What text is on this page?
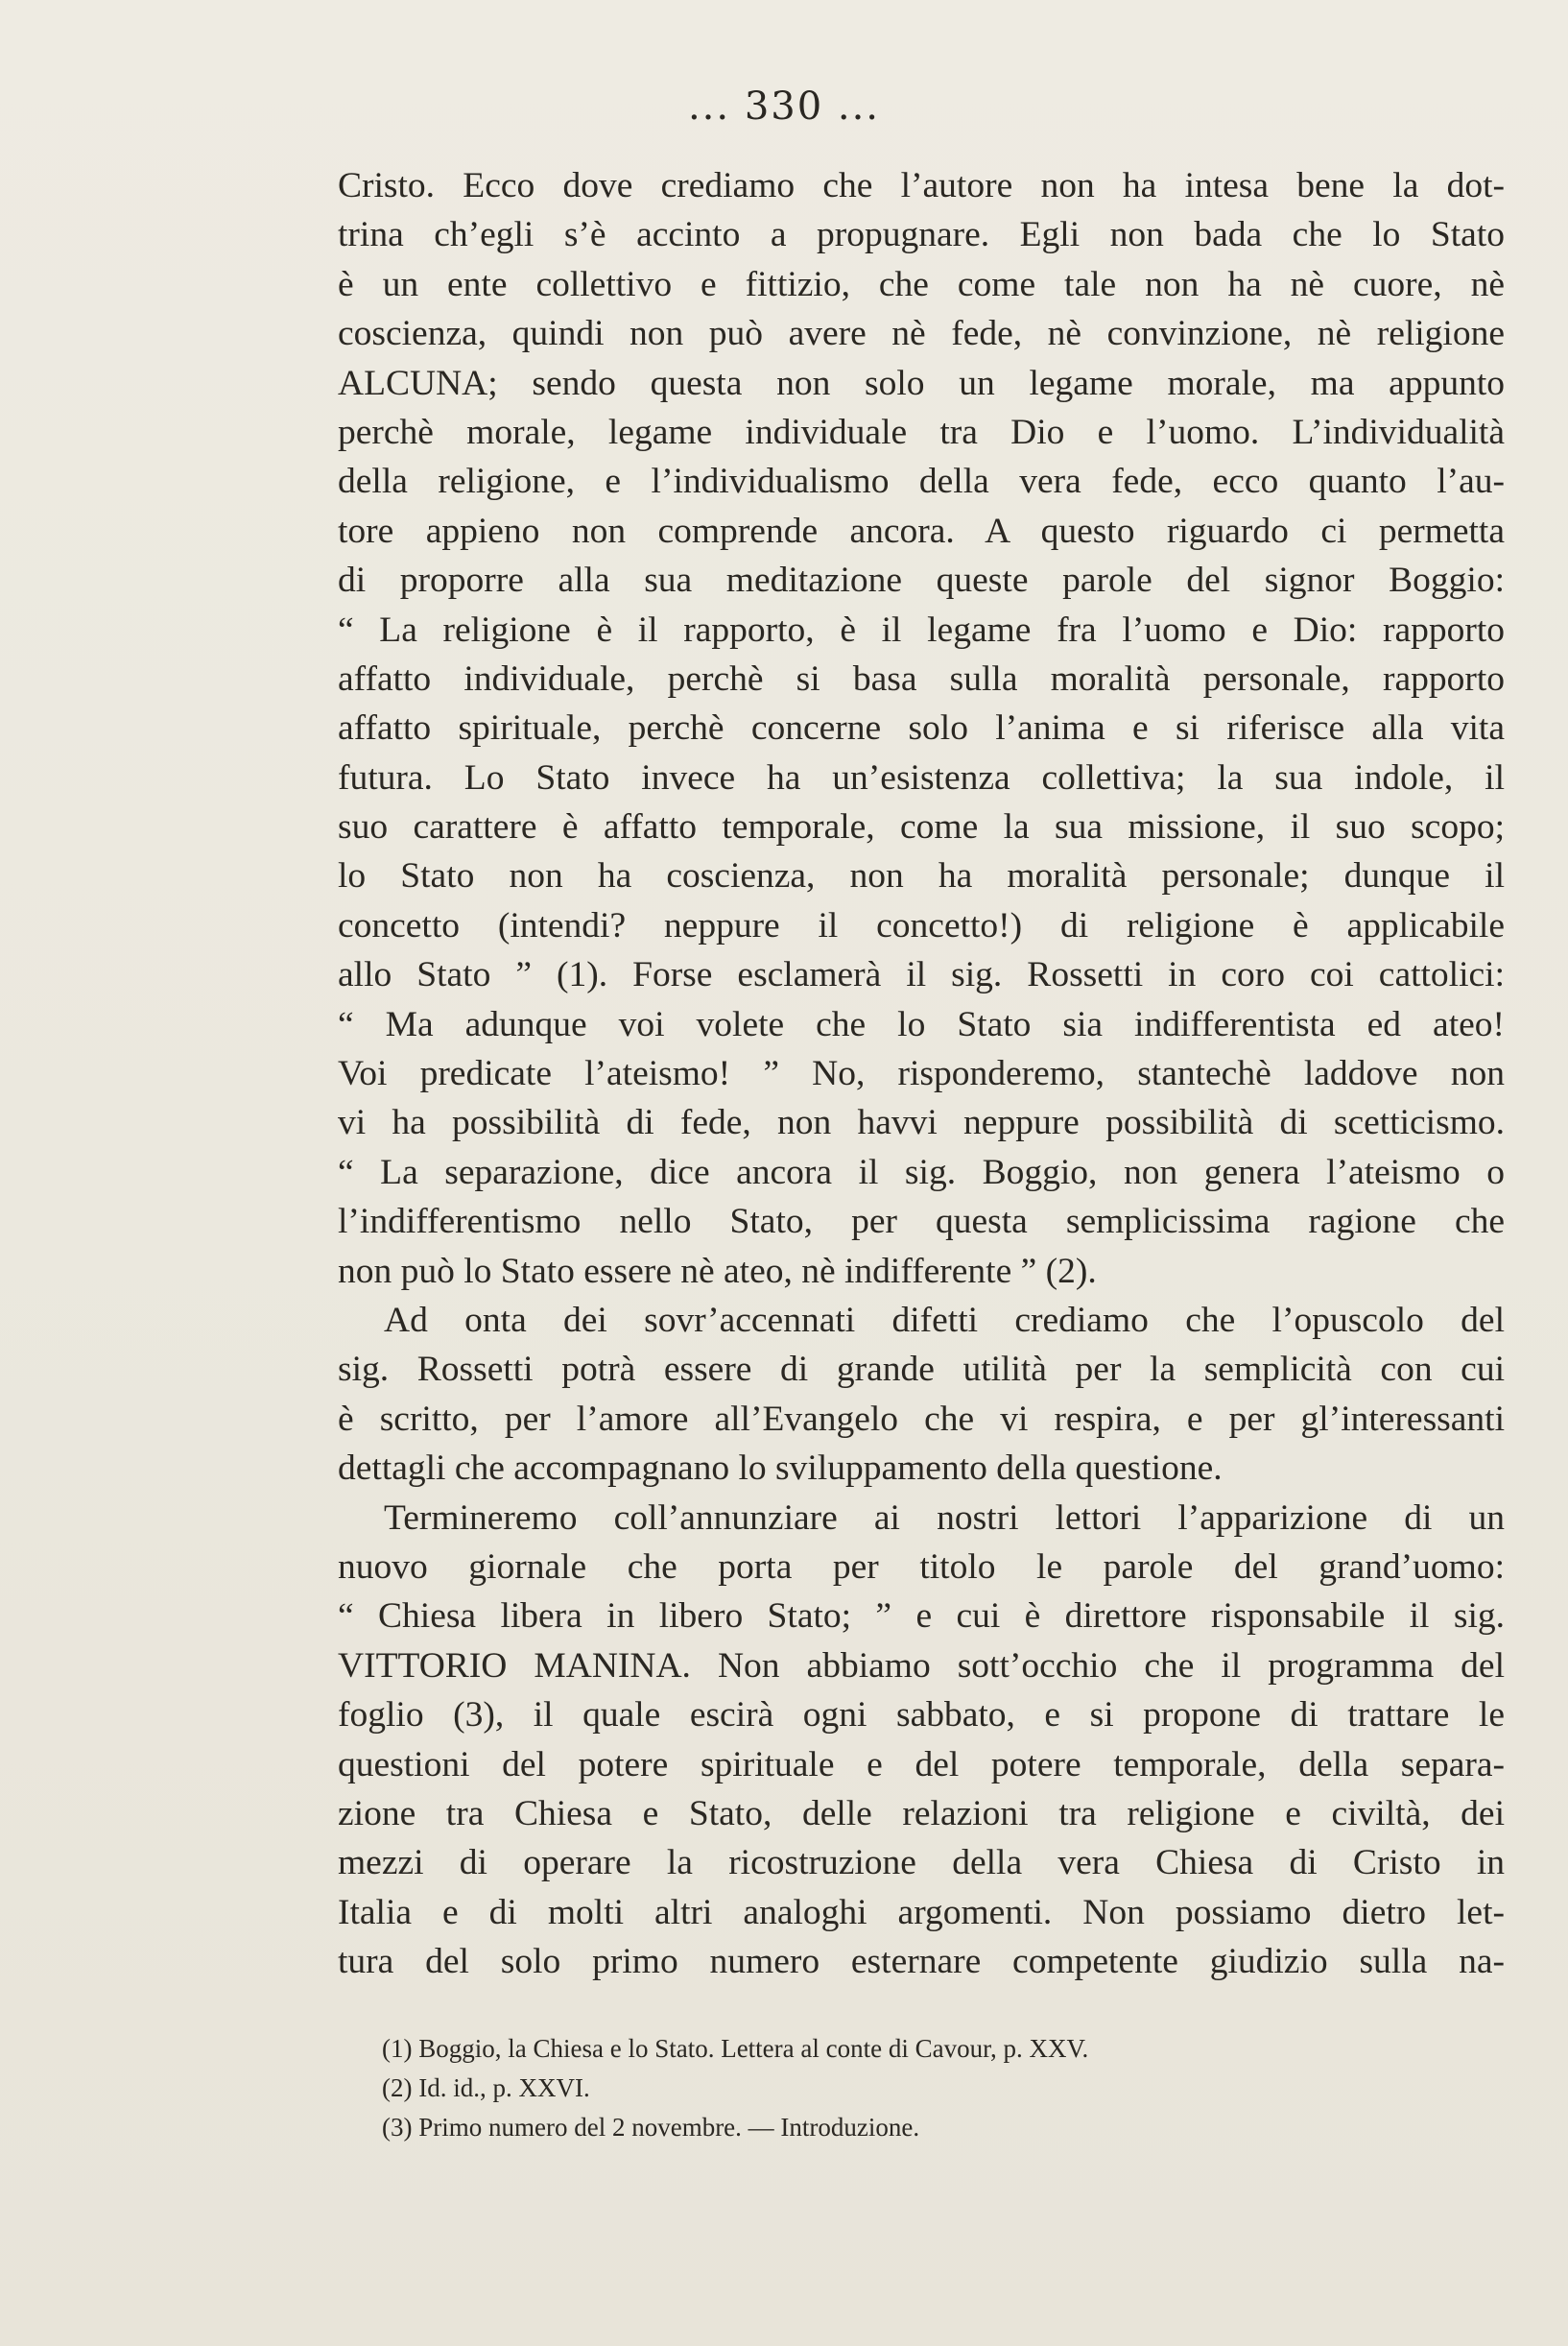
... 330 ...
Cristo. Ecco dove crediamo che l’autore non ha intesa bene la dot-
trina ch’egli s’è accinto a propugnare. Egli non bada che lo Stato
è un ente collettivo e fittizio, che come tale non ha nè cuore, nè
coscienza, quindi non può avere nè fede, nè convinzione, nè religione
ALCUNA; sendo questa non solo un legame morale, ma appunto
perchè morale, legame individuale tra Dio e l’uomo. L’individualità
della religione, e l’individualismo della vera fede, ecco quanto l’au-
tore appieno non comprende ancora. A questo riguardo ci permetta
di proporre alla sua meditazione queste parole del signor Boggio:
“ La religione è il rapporto, è il legame fra l’uomo e Dio: rapporto
affatto individuale, perchè si basa sulla moralità personale, rapporto
affatto spirituale, perchè concerne solo l’anima e si riferisce alla vita
futura. Lo Stato invece ha un’esistenza collettiva; la sua indole, il
suo carattere è affatto temporale, come la sua missione, il suo scopo;
lo Stato non ha coscienza, non ha moralità personale; dunque il
concetto (intendi? neppure il concetto!) di religione è applicabile
allo Stato ” (1). Forse esclamerà il sig. Rossetti in coro coi cattolici:
“ Ma adunque voi volete che lo Stato sia indifferentista ed ateo!
Voi predicate l’ateismo! ” No, risponderemo, stantechè laddove non
vi ha possibilità di fede, non havvi neppure possibilità di scetticismo.
“ La separazione, dice ancora il sig. Boggio, non genera l’ateismo o
l’indifferentismo nello Stato, per questa semplicissima ragione che
non può lo Stato essere nè ateo, nè indifferente ” (2).
Ad onta dei sovr’accennati difetti crediamo che l’opuscolo del
sig. Rossetti potrà essere di grande utilità per la semplicità con cui
è scritto, per l’amore all’Evangelo che vi respira, e per gl’interessanti
dettagli che accompagnano lo sviluppamento della questione.
Termineremo coll’annunziare ai nostri lettori l’apparizione di un
nuovo giornale che porta per titolo le parole del grand’uomo:
“ Chiesa libera in libero Stato; ” e cui è direttore risponsabile il sig.
VITTORIO MANINA. Non abbiamo sott’occhio che il programma del
foglio (3), il quale escirà ogni sabbato, e si propone di trattare le
questioni del potere spirituale e del potere temporale, della separa-
zione tra Chiesa e Stato, delle relazioni tra religione e civiltà, dei
mezzi di operare la ricostruzione della vera Chiesa di Cristo in
Italia e di molti altri analoghi argomenti. Non possiamo dietro let-
tura del solo primo numero esternare competente giudizio sulla na-
(1) Boggio, la Chiesa e lo Stato. Lettera al conte di Cavour, p. XXV.
(2) Id. id., p. XXVI.
(3) Primo numero del 2 novembre. — Introduzione.
